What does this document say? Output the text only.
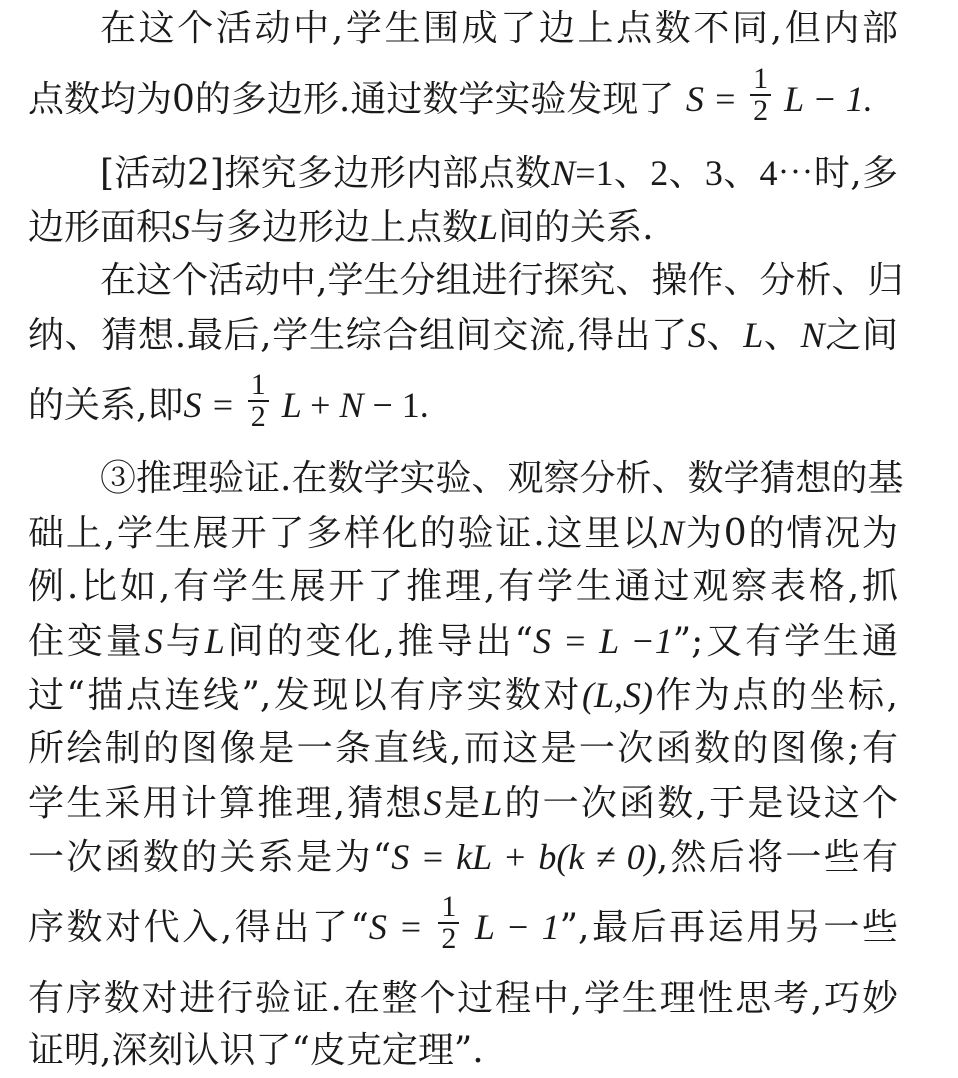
在这个活动中,学生围成了边上点数不同,但内部
点数均为0的多边形.通过数学实验发现了 $S = \frac{1}{2}$ L − 1.
[活动2]探究多边形内部点数N=1、2、3、4⋯时,多
边形面积S与多边形边上点数L间的关系.
在这个活动中,学生分组进行探究、操作、分析、归
纳、猜想.最后,学生综合组间交流,得出了S、L、N之间
的关系,即$S = \frac{1}{2}$ L + N − 1.
③推理验证.在数学实验、观察分析、数学猜想的基
础上,学生展开了多样化的验证.这里以N为0的情况为
例.比如,有学生展开了推理,有学生通过观察表格,抓
住变量S与L间的变化,推导出“S = L −1”;又有学生通
过“描点连线”,发现以有序实数对(L,S)作为点的坐标,
所绘制的图像是一条直线,而这是一次函数的图像;有
学生采用计算推理,猜想S是L的一次函数,于是设这个
一次函数的关系是为“S = kL + b(k ≠ 0),然后将一些有
序数对代入,得出了“$S = \frac{1}{2}$ L − 1”,最后再运用另一些
有序数对进行验证.在整个过程中,学生理性思考,巧妙
证明,深刻认识了“皮克定理”.
